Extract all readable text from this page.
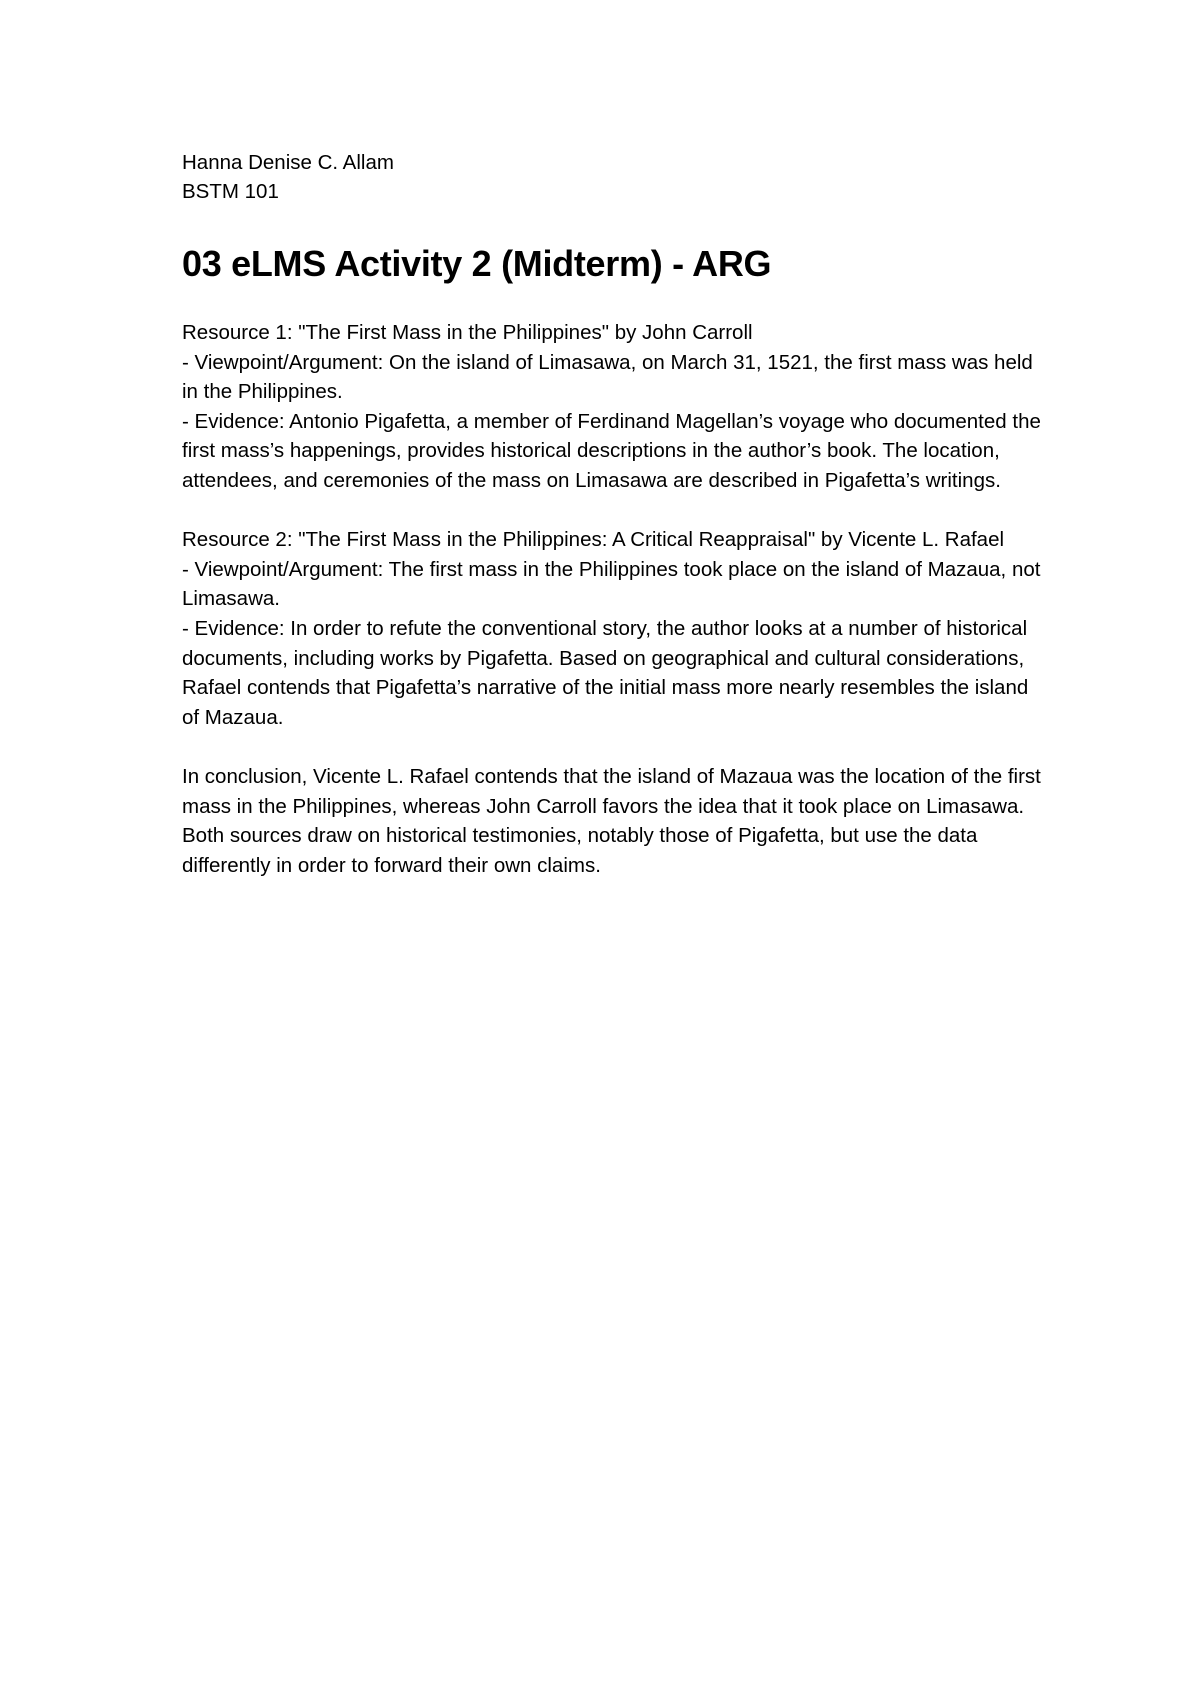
Hanna Denise C. Allam

BSTM 101

03 eLMS Activity 2 (Midterm) - ARG

Resource 1: "The First Mass in the Philippines" by John Carroll

- Viewpoint/Argument: On the island of Limasawa, on March 31, 1521, the first mass was held in the Philippines.

- Evidence: Antonio Pigafetta, a member of Ferdinand Magellan’s voyage who documented the first mass’s happenings, provides historical descriptions in the author’s book. The location, attendees, and ceremonies of the mass on Limasawa are described in Pigafetta’s writings.

Resource 2: "The First Mass in the Philippines: A Critical Reappraisal" by Vicente L. Rafael

- Viewpoint/Argument: The first mass in the Philippines took place on the island of Mazaua, not Limasawa.

- Evidence: In order to refute the conventional story, the author looks at a number of historical documents, including works by Pigafetta. Based on geographical and cultural considerations, Rafael contends that Pigafetta’s narrative of the initial mass more nearly resembles the island of Mazaua.

In conclusion, Vicente L. Rafael contends that the island of Mazaua was the location of the first mass in the Philippines, whereas John Carroll favors the idea that it took place on Limasawa. Both sources draw on historical testimonies, notably those of Pigafetta, but use the data differently in order to forward their own claims.
